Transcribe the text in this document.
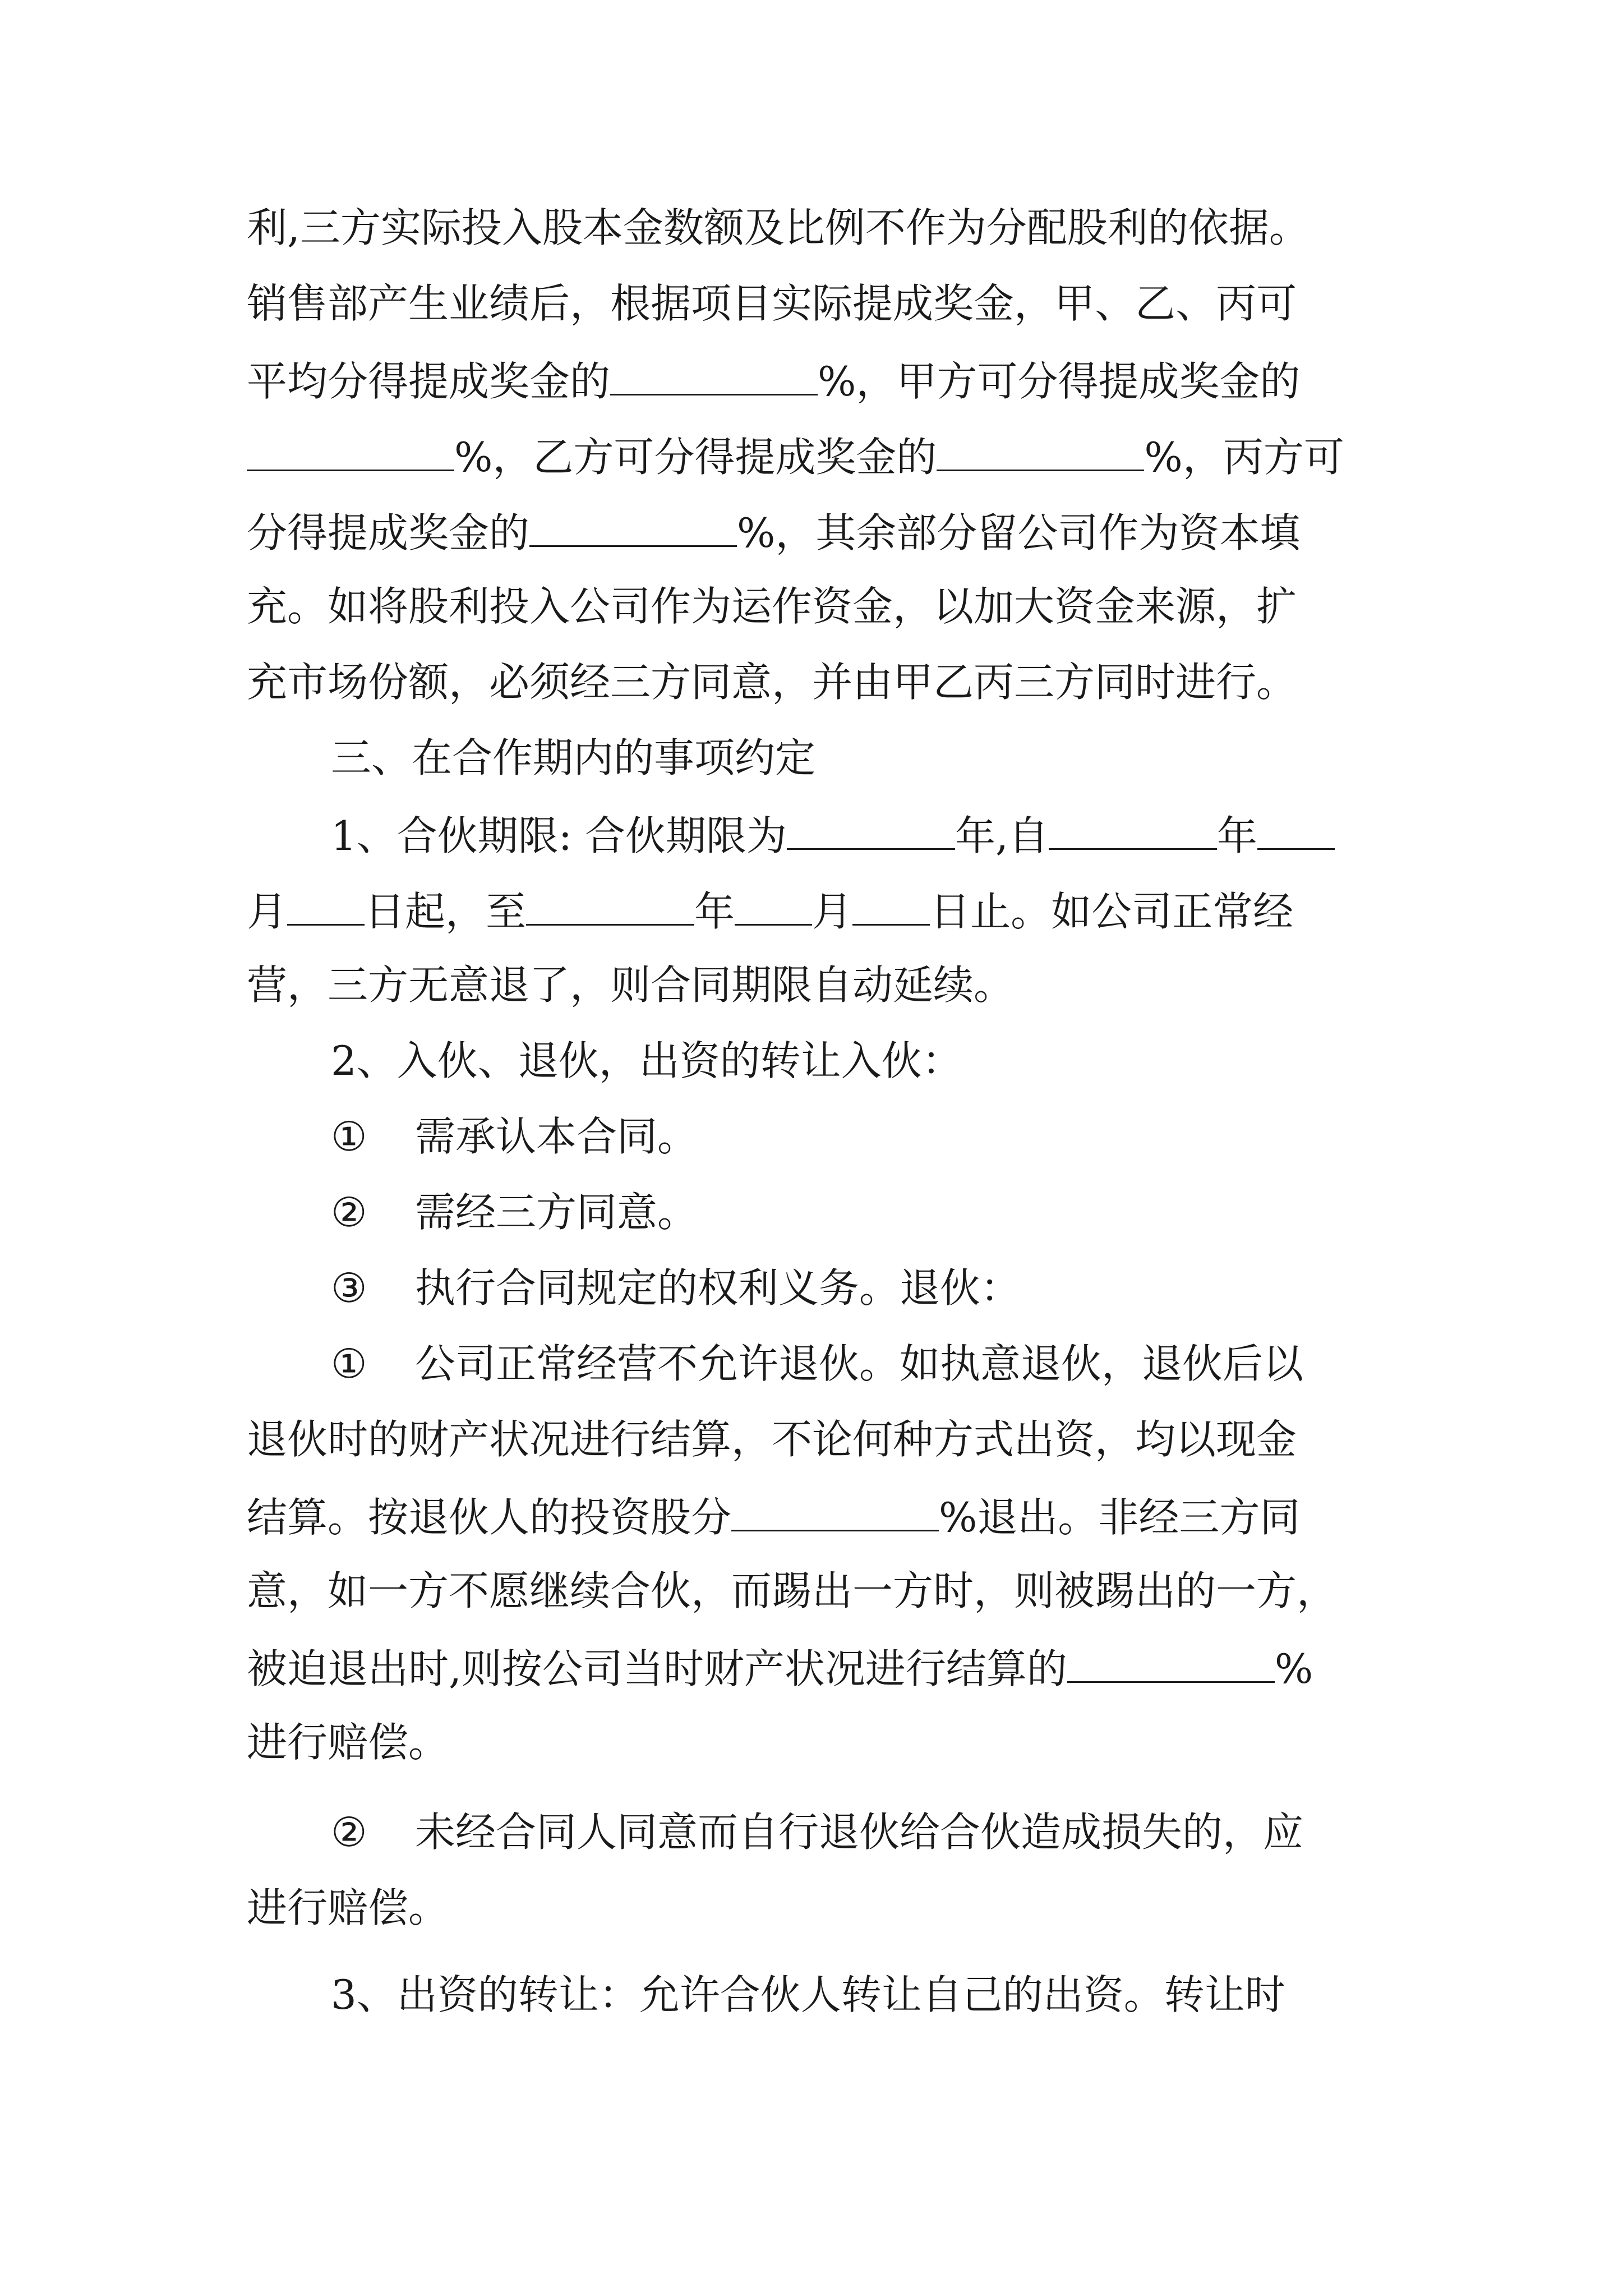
利,三方实际投入股本金数额及比例不作为分配股利的依据。
销售部产生业绩后，根据项目实际提成奖金，甲、乙、丙可
平均分得提成奖金的	%，甲方可分得提成奖金的
%，乙方可分得提成奖金的	%，丙方可
分得提成奖金的	%，其余部分留公司作为资本填
充。如将股利投入公司作为运作资金，以加大资金来源，扩
充市场份额，必须经三方同意，并由甲乙丙三方同时进行。
三、在合作期内的事项约定
1、合伙期限: 合伙期限为	年,自	年
月 日起，至	年 月 日止。如公司正常经
营，三方无意退了，则合同期限自动延续。
2、入伙、退伙，出资的转让入伙：
① 需承认本合同。
② 需经三方同意。
③ 执行合同规定的权利义务。退伙：
① 公司正常经营不允许退伙。如执意退伙，退伙后以
退伙时的财产状况进行结算，不论何种方式出资，均以现金
结算。按退伙人的投资股分	%退出。非经三方同
意，如一方不愿继续合伙，而踢出一方时，则被踢出的一方，
被迫退出时,则按公司当时财产状况进行结算的	%
进行赔偿。
② 未经合同人同意而自行退伙给合伙造成损失的，应
进行赔偿。
3、出资的转让：允许合伙人转让自己的出资。转让时
